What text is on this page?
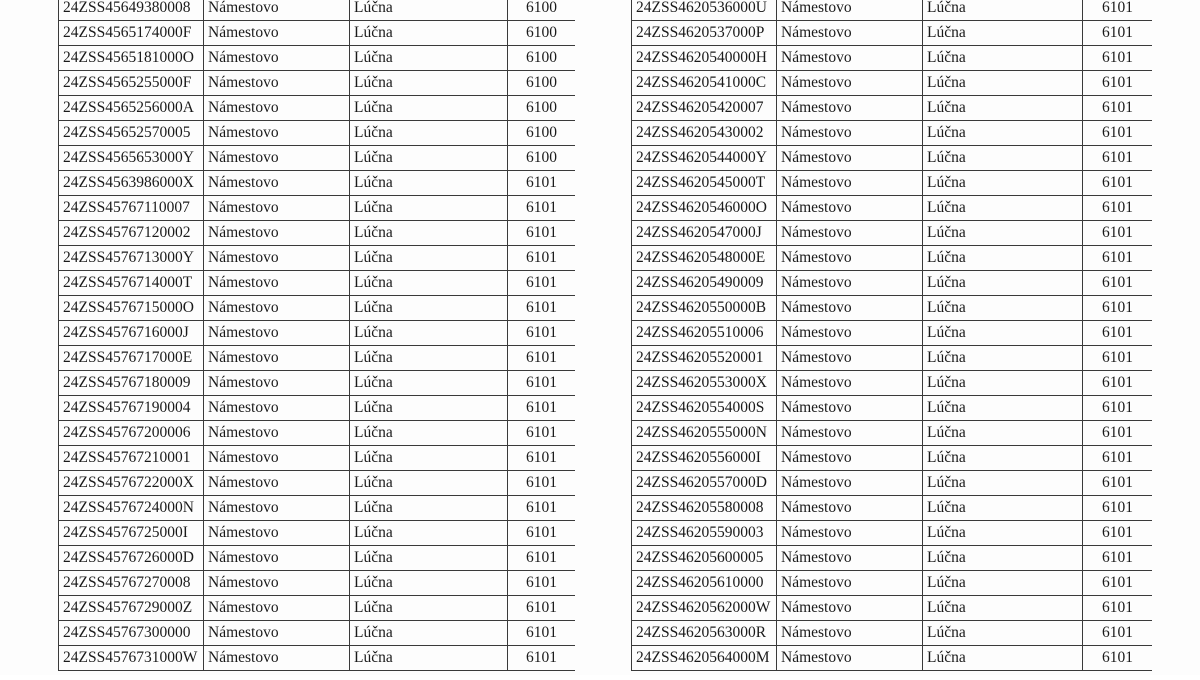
24ZSS45649380008	Námestovo	Lúčna	6100
24ZSS4565174000F	Námestovo	Lúčna	6100
24ZSS4565181000O	Námestovo	Lúčna	6100
24ZSS4565255000F	Námestovo	Lúčna	6100
24ZSS4565256000A	Námestovo	Lúčna	6100
24ZSS45652570005	Námestovo	Lúčna	6100
24ZSS4565653000Y	Námestovo	Lúčna	6100
24ZSS4563986000X	Námestovo	Lúčna	6101
24ZSS45767110007	Námestovo	Lúčna	6101
24ZSS45767120002	Námestovo	Lúčna	6101
24ZSS4576713000Y	Námestovo	Lúčna	6101
24ZSS4576714000T	Námestovo	Lúčna	6101
24ZSS4576715000O	Námestovo	Lúčna	6101
24ZSS4576716000J	Námestovo	Lúčna	6101
24ZSS4576717000E	Námestovo	Lúčna	6101
24ZSS45767180009	Námestovo	Lúčna	6101
24ZSS45767190004	Námestovo	Lúčna	6101
24ZSS45767200006	Námestovo	Lúčna	6101
24ZSS45767210001	Námestovo	Lúčna	6101
24ZSS4576722000X	Námestovo	Lúčna	6101
24ZSS4576724000N	Námestovo	Lúčna	6101
24ZSS4576725000I	Námestovo	Lúčna	6101
24ZSS4576726000D	Námestovo	Lúčna	6101
24ZSS45767270008	Námestovo	Lúčna	6101
24ZSS4576729000Z	Námestovo	Lúčna	6101
24ZSS45767300000	Námestovo	Lúčna	6101
24ZSS4576731000W	Námestovo	Lúčna	6101
24ZSS4620536000U	Námestovo	Lúčna	6101
24ZSS4620537000P	Námestovo	Lúčna	6101
24ZSS4620540000H	Námestovo	Lúčna	6101
24ZSS4620541000C	Námestovo	Lúčna	6101
24ZSS46205420007	Námestovo	Lúčna	6101
24ZSS46205430002	Námestovo	Lúčna	6101
24ZSS4620544000Y	Námestovo	Lúčna	6101
24ZSS4620545000T	Námestovo	Lúčna	6101
24ZSS4620546000O	Námestovo	Lúčna	6101
24ZSS4620547000J	Námestovo	Lúčna	6101
24ZSS4620548000E	Námestovo	Lúčna	6101
24ZSS46205490009	Námestovo	Lúčna	6101
24ZSS4620550000B	Námestovo	Lúčna	6101
24ZSS46205510006	Námestovo	Lúčna	6101
24ZSS46205520001	Námestovo	Lúčna	6101
24ZSS4620553000X	Námestovo	Lúčna	6101
24ZSS4620554000S	Námestovo	Lúčna	6101
24ZSS4620555000N	Námestovo	Lúčna	6101
24ZSS4620556000I	Námestovo	Lúčna	6101
24ZSS4620557000D	Námestovo	Lúčna	6101
24ZSS46205580008	Námestovo	Lúčna	6101
24ZSS46205590003	Námestovo	Lúčna	6101
24ZSS46205600005	Námestovo	Lúčna	6101
24ZSS46205610000	Námestovo	Lúčna	6101
24ZSS4620562000W	Námestovo	Lúčna	6101
24ZSS4620563000R	Námestovo	Lúčna	6101
24ZSS4620564000M	Námestovo	Lúčna	6101
